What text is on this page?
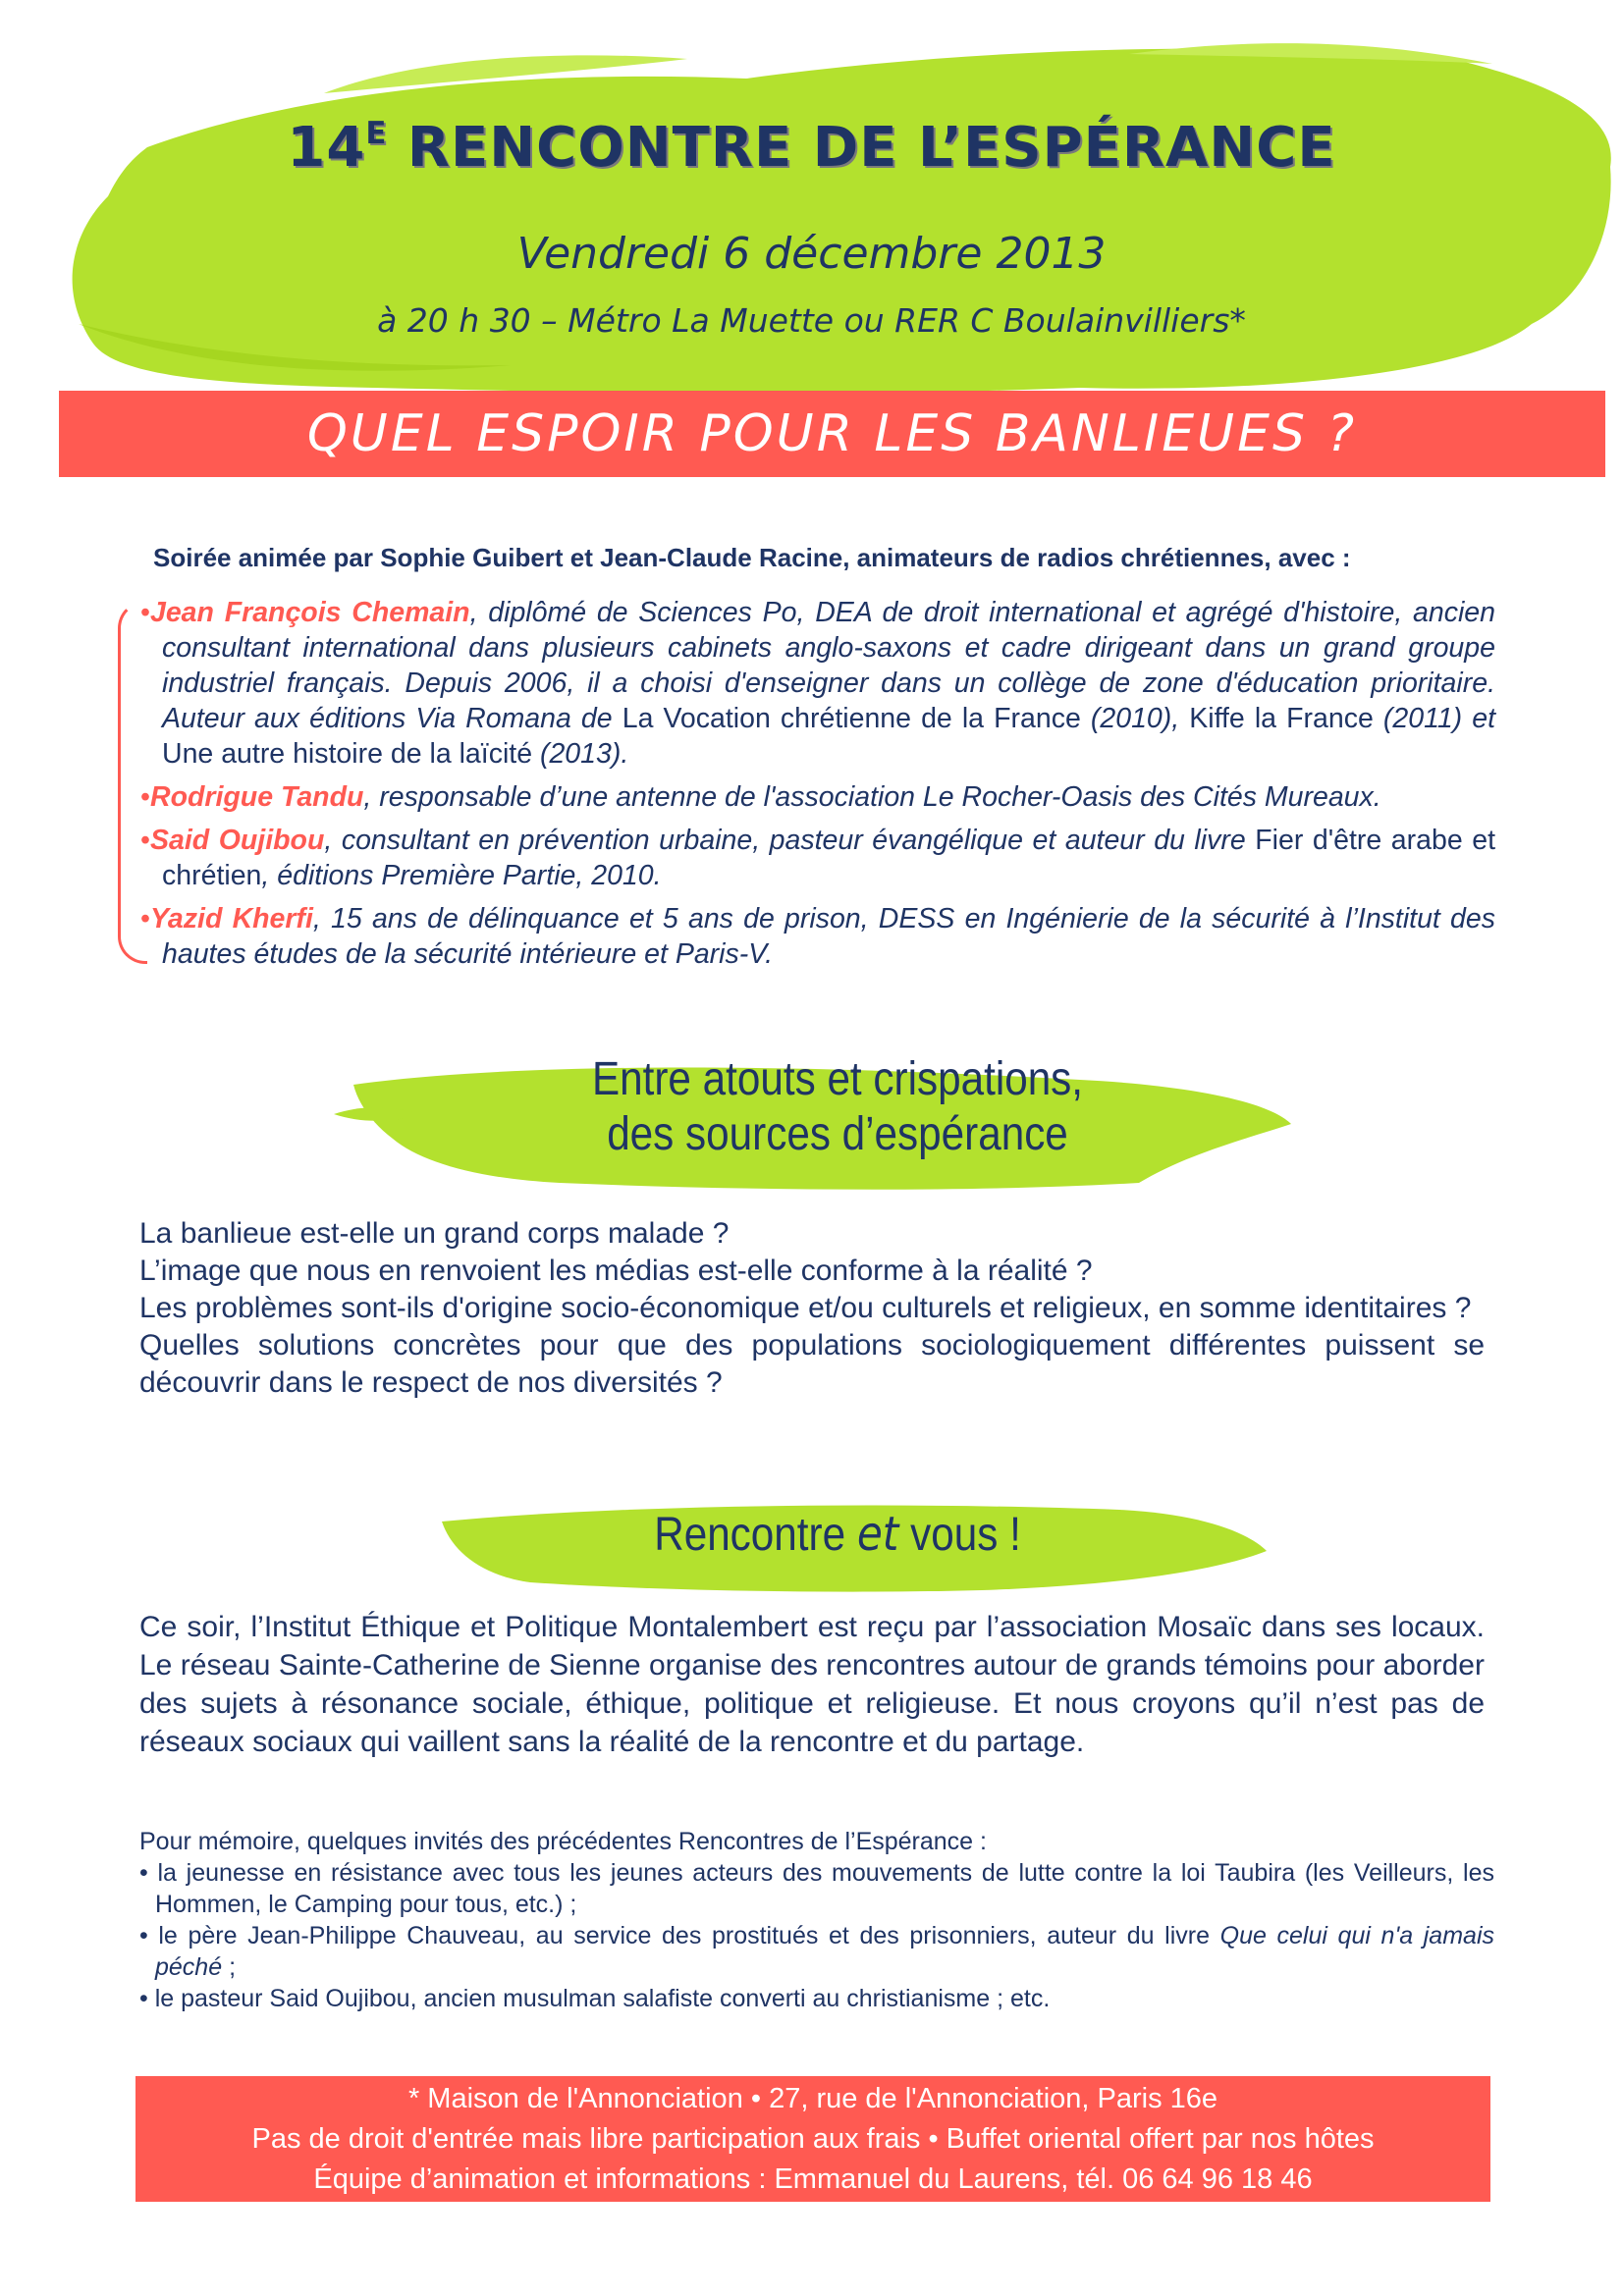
$14^E$ RENCONTRE DE L’ESPÉRANCE
Vendredi 6 décembre 2013
à 20 h 30 – Métro La Muette ou RER C Boulainvilliers*
QUEL ESPOIR POUR LES BANLIEUES ?
Soirée animée par Sophie Guibert et Jean-Claude Racine, animateurs de radios chrétiennes, avec :
•Jean François Chemain, diplômé de Sciences Po, DEA de droit international et agrégé d'histoire, ancien consultant international dans plusieurs cabinets anglo-saxons et cadre dirigeant dans un grand groupe industriel français. Depuis 2006, il a choisi d'enseigner dans un collège de zone d'éducation prioritaire. Auteur aux éditions Via Romana de La Vocation chrétienne de la France (2010), Kiffe la France (2011) et Une autre histoire de la laïcité (2013).
•Rodrigue Tandu, responsable d’une antenne de l'association Le Rocher-Oasis des Cités Mureaux.
•Said Oujibou, consultant en prévention urbaine, pasteur évangélique et auteur du livre Fier d'être arabe et chrétien, éditions Première Partie, 2010.
•Yazid Kherfi, 15 ans de délinquance et 5 ans de prison, DESS en Ingénierie de la sécurité à l’Institut des hautes études de la sécurité intérieure et Paris-V.
Entre atouts et crispations,
des sources d’espérance

La banlieue est-elle un grand corps malade ?

L’image que nous en renvoient les médias est-elle conforme à la réalité ?

Les problèmes sont-ils d'origine socio-économique et/ou culturels et religieux, en somme identitaires ?

Quelles solutions concrètes pour que des populations sociologiquement différentes puissent se découvrir dans le respect de nos diversités ?

Rencontre et vous !
Ce soir, l’Institut Éthique et Politique Montalembert est reçu par l’association Mosaïc dans ses locaux. Le réseau Sainte-Catherine de Sienne organise des rencontres autour de grands témoins pour aborder des sujets à résonance sociale, éthique, politique et religieuse. Et nous croyons qu’il n’est pas de réseaux sociaux qui vaillent sans la réalité de la rencontre et du partage.
Pour mémoire, quelques invités des précédentes Rencontres de l’Espérance :
• la jeunesse en résistance avec tous les jeunes acteurs des mouvements de lutte contre la loi Taubira (les Veilleurs, les Hommen, le Camping pour tous, etc.) ;
• le père Jean-Philippe Chauveau, au service des prostitués et des prisonniers, auteur du livre Que celui qui n'a jamais péché ;
• le pasteur Said Oujibou, ancien musulman salafiste converti au christianisme ; etc.
* Maison de l'Annonciation • 27, rue de l'Annonciation, Paris 16e
Pas de droit d'entrée mais libre participation aux frais • Buffet oriental offert par nos hôtes
Équipe d’animation et informations : Emmanuel du Laurens, tél. 06 64 96 18 46
